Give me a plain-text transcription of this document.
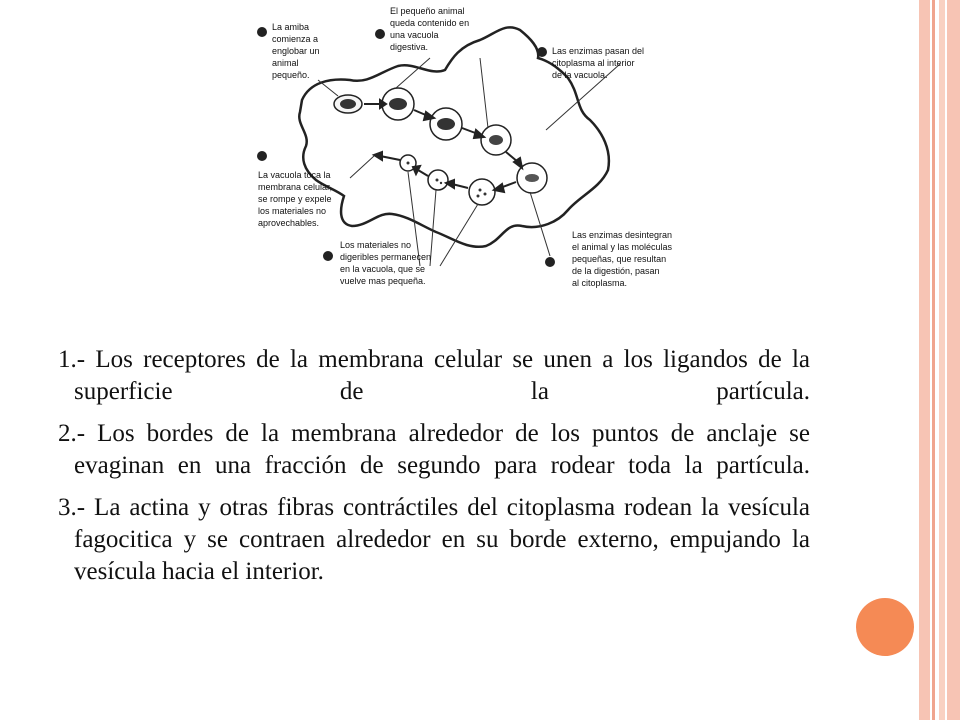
La amiba comienza a englobar un animal pequeño.
El pequeño animal queda contenido en una vacuola digestiva.	Las enzimas pasan del citoplasma al interior de la vacuola.
La vacuola toca la membrana celular, se rompe y expele los materiales no aprovechables.
Los materiales no digeribles permanecen en la vacuola, que se vuelve mas pequeña.
Las enzimas desintegran el animal y las moléculas pequeñas, que resultan de la digestión, pasan al citoplasma.

1.- Los receptores de la membrana celular se unen a los ligandos de la superficie de la partícula.

2.- Los bordes de la membrana alrededor de los puntos de anclaje se evaginan en una fracción de segundo para rodear toda la partícula.

3.- La actina y otras fibras contráctiles del citoplasma rodean la vesícula fagocitica y se contraen alrededor en su borde externo, empujando la vesícula hacia el interior.
